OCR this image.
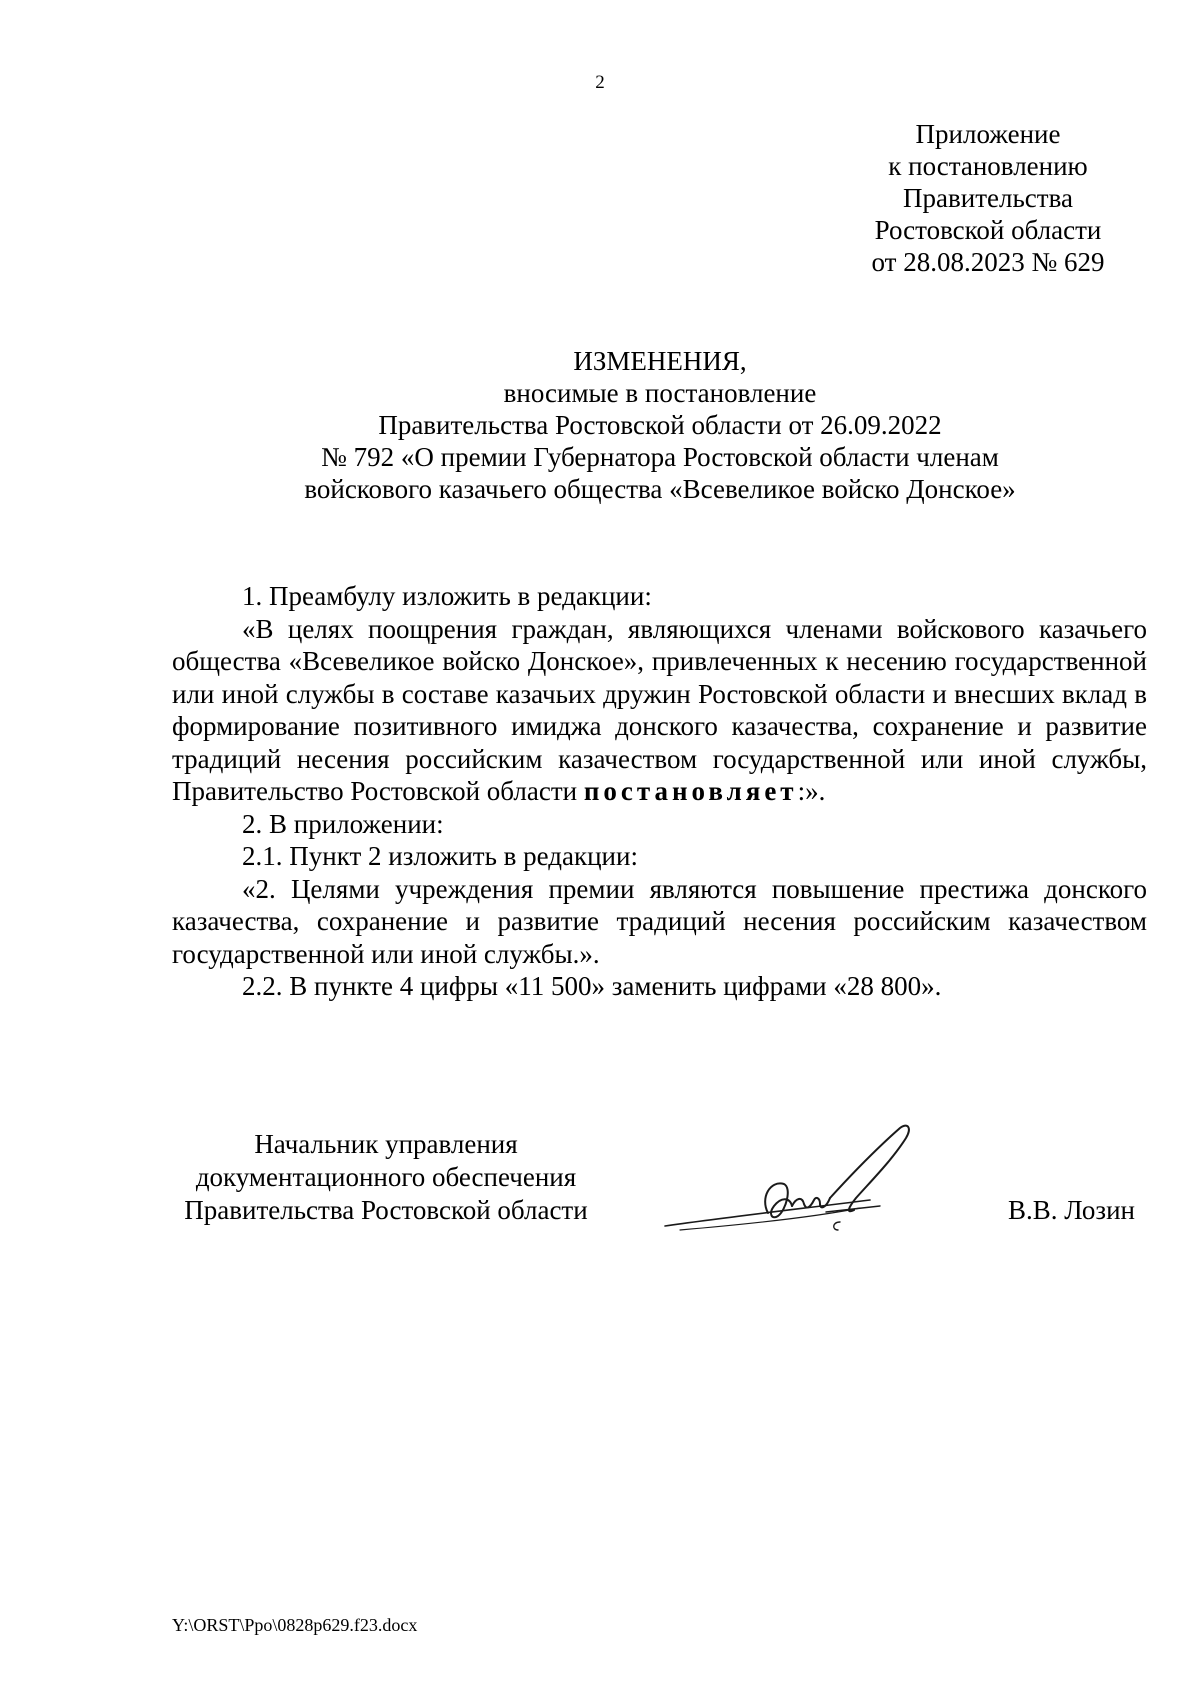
2
Приложение
к постановлению
Правительства
Ростовской области
от 28.08.2023 № 629
ИЗМЕНЕНИЯ,
вносимые в постановление
Правительства Ростовской области от 26.09.2022
№ 792 «О премии Губернатора Ростовской области членам
войскового казачьего общества «Всевеликое войско Донское»

1. Преамбулу изложить в редакции:

«В целях поощрения граждан, являющихся членами войскового казачьего общества «Всевеликое войско Донское», привлеченных к несению государственной или иной службы в составе казачьих дружин Ростовской области и внесших вклад в формирование позитивного имиджа донского казачества, сохранение и развитие традиций несения российским казачеством государственной или иной службы, Правительство Ростовской области постановляет:».

2. В приложении:

2.1. Пункт 2 изложить в редакции:

«2. Целями учреждения премии являются повышение престижа донского казачества, сохранение и развитие традиций несения российским казачеством государственной или иной службы.».

2.2. В пункте 4 цифры «11 500» заменить цифрами «28 800».

Начальник управления
документационного обеспечения
Правительства Ростовской области	В.В. Лозин
Y:\ORST\Ppo\0828p629.f23.docx
